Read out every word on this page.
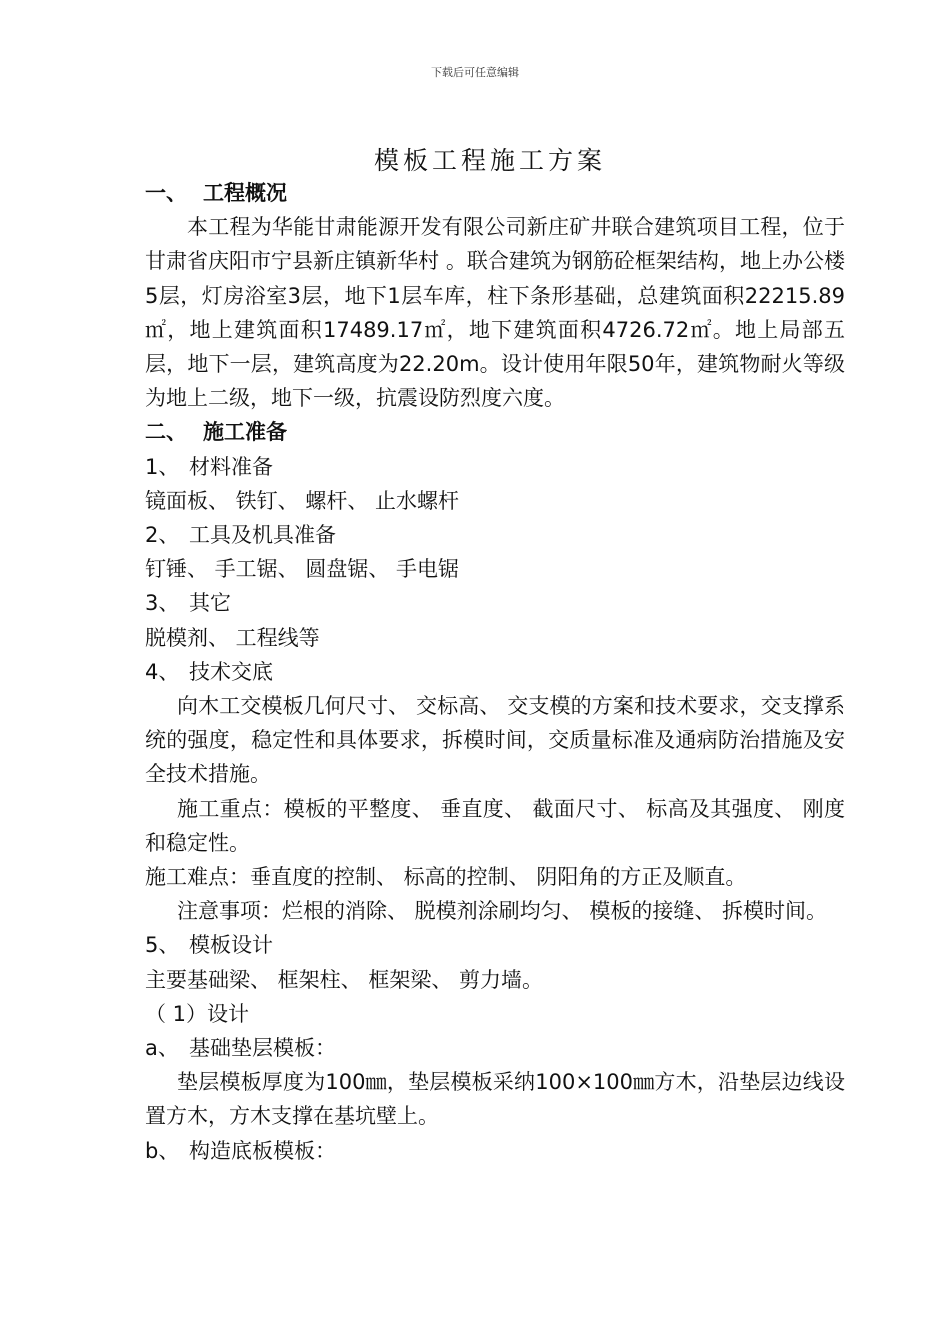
下载后可任意编辑
模板工程施工方案

一、 工程概况

本工程为华能甘肃能源开发有限公司新庄矿井联合建筑项目工程，位于甘肃省庆阳市宁县新庄镇新华村 。联合建筑为钢筋砼框架结构，地上办公楼5层，灯房浴室3层，地下1层车库，柱下条形基础，总建筑面积22215.89㎡，地上建筑面积17489.17㎡，地下建筑面积4726.72㎡。地上局部五层，地下一层，建筑高度为22.20m。设计使用年限50年，建筑物耐火等级为地上二级，地下一级，抗震设防烈度六度。

二、 施工准备

1、 材料准备

镜面板、 铁钉、 螺杆、 止水螺杆

2、 工具及机具准备

钉锤、 手工锯、 圆盘锯、 手电锯

3、 其它

脱模剂、 工程线等

4、 技术交底

向木工交模板几何尺寸、 交标高、 交支模的方案和技术要求，交支撑系统的强度，稳定性和具体要求，拆模时间，交质量标准及通病防治措施及安全技术措施。

施工重点：模板的平整度、 垂直度、 截面尺寸、 标高及其强度、 刚度和稳定性。

施工难点：垂直度的控制、 标高的控制、 阴阳角的方正及顺直。

注意事项：烂根的消除、 脱模剂涂刷均匀、 模板的接缝、 拆模时间。

5、 模板设计

主要基础梁、 框架柱、 框架梁、 剪力墙。

（ 1）设计

a、 基础垫层模板：

垫层模板厚度为100㎜，垫层模板采纳100×100㎜方木，沿垫层边线设置方木，方木支撑在基坑壁上。

b、 构造底板模板：
